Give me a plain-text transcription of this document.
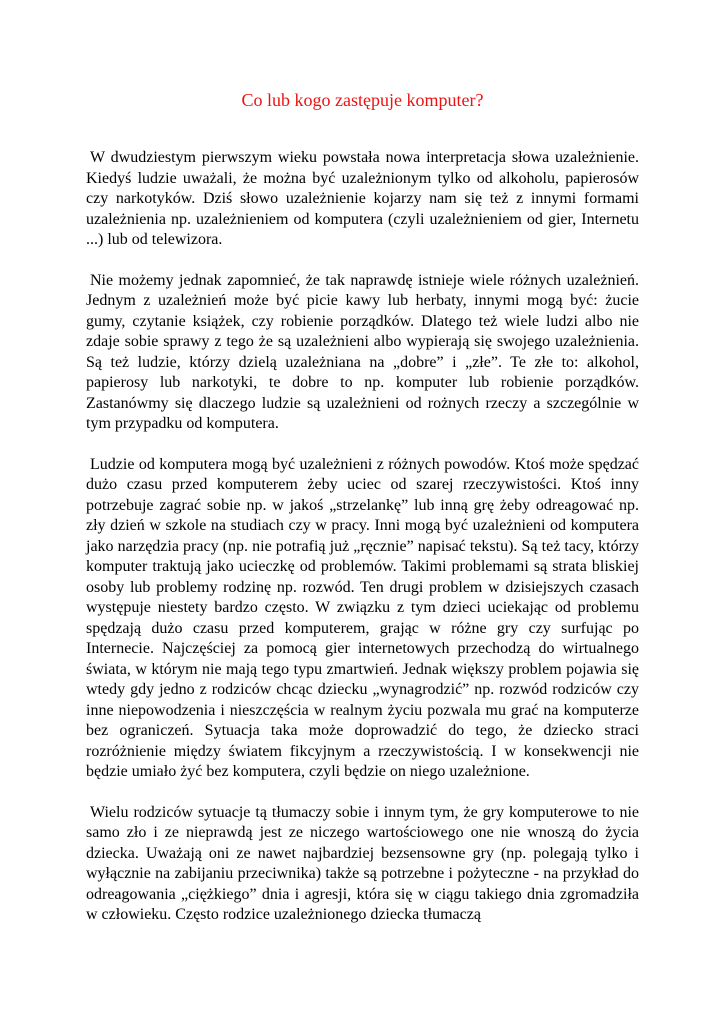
Co lub kogo zastępuje komputer?

W dwudziestym pierwszym wieku powstała nowa interpretacja słowa uzależnienie. Kiedyś ludzie uważali, że można być uzależnionym tylko od alkoholu, papierosów czy narkotyków. Dziś słowo uzależnienie kojarzy nam się też z innymi formami uzależnienia np. uzależnieniem od komputera (czyli uzależnieniem od gier, Internetu ...) lub od telewizora.

Nie możemy jednak zapomnieć, że tak naprawdę istnieje wiele różnych uzależnień. Jednym z uzależnień może być picie kawy lub herbaty, innymi mogą być: żucie gumy, czytanie książek, czy robienie porządków. Dlatego też wiele ludzi albo nie zdaje sobie sprawy z tego że są uzależnieni albo wypierają się swojego uzależnienia. Są też ludzie, którzy dzielą uzależniana na „dobre” i „złe”. Te złe to: alkohol, papierosy lub narkotyki, te dobre to np. komputer lub robienie porządków. Zastanówmy się dlaczego ludzie są uzależnieni od rożnych rzeczy a szczególnie w tym przypadku od komputera.

Ludzie od komputera mogą być uzależnieni z różnych powodów. Ktoś może spędzać dużo czasu przed komputerem żeby uciec od szarej rzeczywistości. Ktoś inny potrzebuje zagrać sobie np. w jakoś „strzelankę” lub inną grę żeby odreagować np. zły dzień w szkole na studiach czy w pracy. Inni mogą być uzależnieni od komputera jako narzędzia pracy (np. nie potrafią już „ręcznie” napisać tekstu). Są też tacy, którzy komputer traktują jako ucieczkę od problemów. Takimi problemami są strata bliskiej osoby lub problemy rodzinę np. rozwód. Ten drugi problem w dzisiejszych czasach występuje niestety bardzo często. W związku z tym dzieci uciekając od problemu spędzają dużo czasu przed komputerem, grając w różne gry czy surfując po Internecie. Najczęściej za pomocą gier internetowych przechodzą do wirtualnego świata, w którym nie mają tego typu zmartwień. Jednak większy problem pojawia się wtedy gdy jedno z rodziców chcąc dziecku „wynagrodzić” np. rozwód rodziców czy inne niepowodzenia i nieszczęścia w realnym życiu pozwala mu grać na komputerze bez ograniczeń. Sytuacja taka może doprowadzić do tego, że dziecko straci rozróżnienie między światem fikcyjnym a rzeczywistością. I w konsekwencji nie będzie umiało żyć bez komputera, czyli będzie on niego uzależnione.

Wielu rodziców sytuacje tą tłumaczy sobie i innym tym, że gry komputerowe to nie samo zło i ze nieprawdą jest ze niczego wartościowego one nie wnoszą do życia dziecka. Uważają oni ze nawet najbardziej bezsensowne gry (np. polegają tylko i wyłącznie na zabijaniu przeciwnika) także są potrzebne i pożyteczne - na przykład do odreagowania „ciężkiego” dnia i agresji, która się w ciągu takiego dnia zgromadziła w człowieku. Często rodzice uzależnionego dziecka tłumaczą
